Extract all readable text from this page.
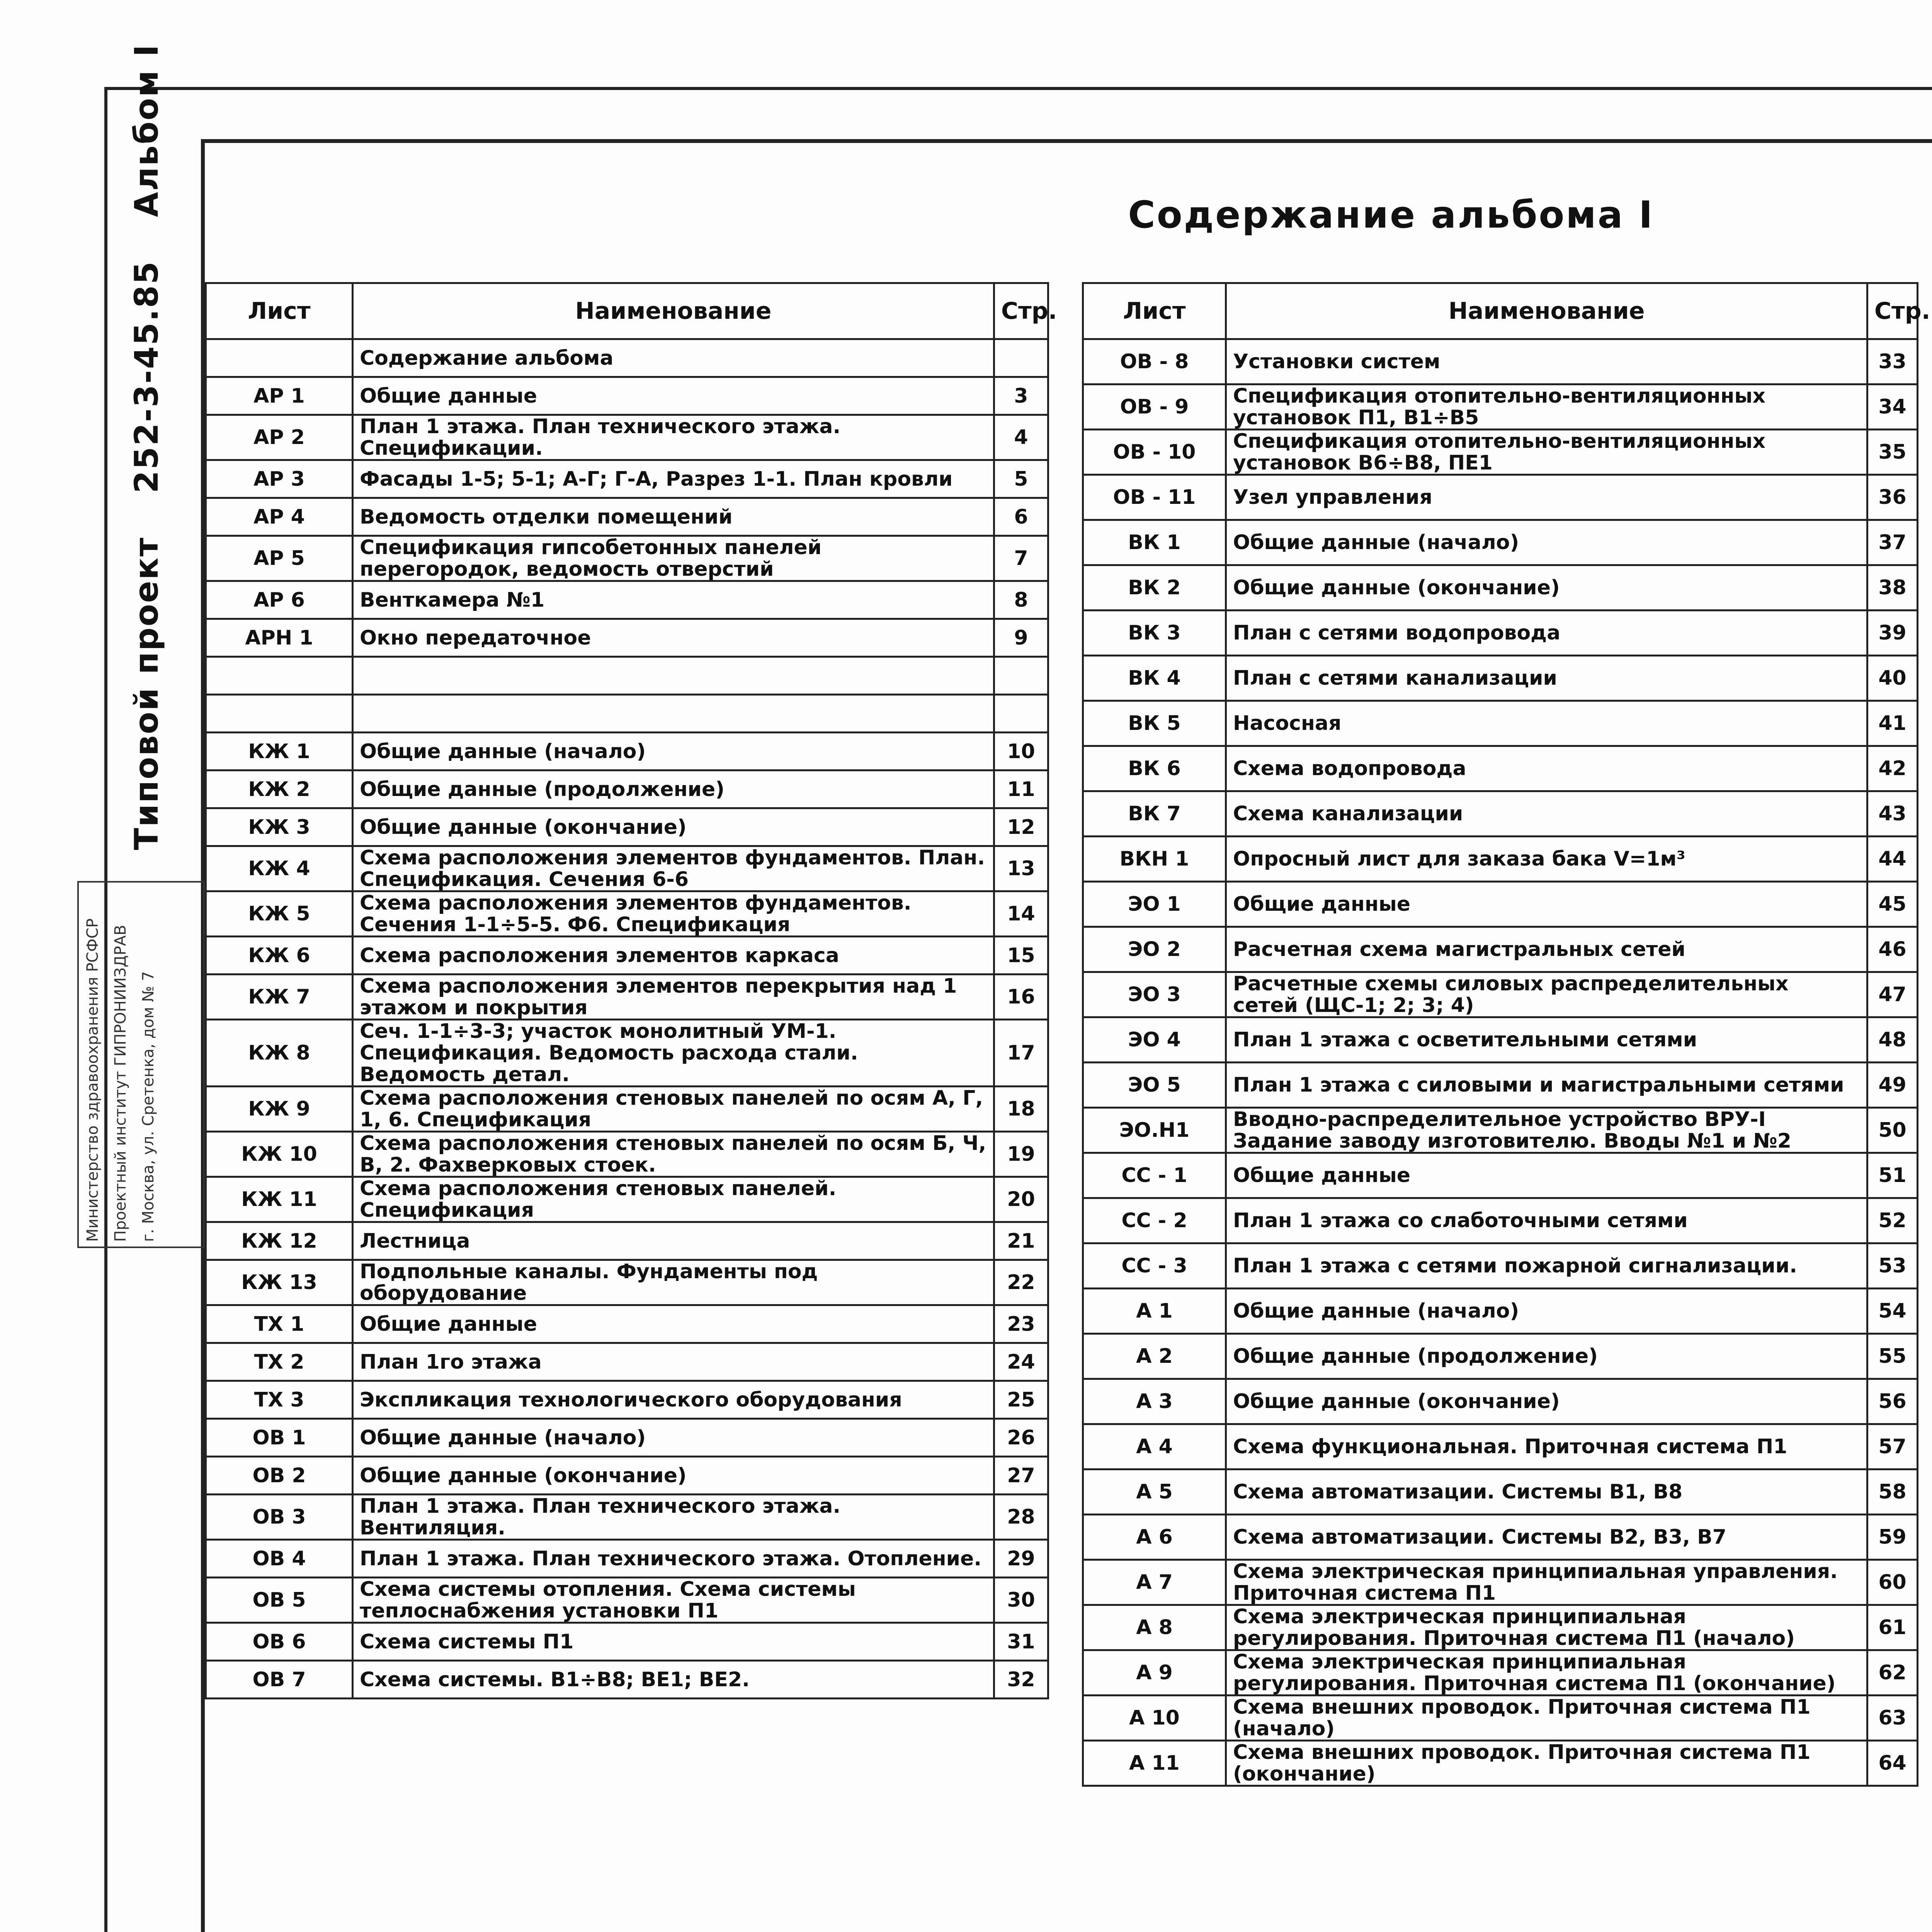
Типовой проект 252-3-45.85 Альбом I
Министерство здравоохранения РСФСР Проектный институт ГИПРОНИИЗДРАВ г. Москва, ул. Сретенка, дом № 7
Содержание альбома I
Лист	Наименование	Стр.
	Содержание альбома	
АР 1	Общие данные	3
АР 2	План 1 этажа. План технического этажа. Спецификации.	4
АР 3	Фасады 1-5; 5-1; А-Г; Г-А, Разрез 1-1. План кровли	5
АР 4	Ведомость отделки помещений	6
АР 5	Спецификация гипсобетонных панелей перегородок, ведомость отверстий	7
АР 6	Венткамера №1	8
АРН 1	Окно передаточное	9

КЖ 1	Общие данные (начало)	10
КЖ 2	Общие данные (продолжение)	11
КЖ 3	Общие данные (окончание)	12
КЖ 4	Схема расположения элементов фундаментов. План. Спецификация. Сечения 6-6	13
КЖ 5	Схема расположения элементов фундаментов. Сечения 1-1÷5-5. Ф6. Спецификация	14
КЖ 6	Схема расположения элементов каркаса	15
КЖ 7	Схема расположения элементов перекрытия над 1 этажом и покрытия	16
КЖ 8	Сеч. 1-1÷3-3; участок монолитный УМ-1. Спецификация. Ведомость расхода стали. Ведомость детал.	17
КЖ 9	Схема расположения стеновых панелей по осям А, Г, 1, 6. Спецификация	18
КЖ 10	Схема расположения стеновых панелей по осям Б, Ч, В, 2. Фахверковых стоек.	19
КЖ 11	Схема расположения стеновых панелей. Спецификация	20
КЖ 12	Лестница	21
КЖ 13	Подпольные каналы. Фундаменты под оборудование	22
ТХ 1	Общие данные	23
ТХ 2	План 1го этажа	24
ТХ 3	Экспликация технологического оборудования	25
ОВ 1	Общие данные (начало)	26
ОВ 2	Общие данные (окончание)	27
ОВ 3	План 1 этажа. План технического этажа. Вентиляция.	28
ОВ 4	План 1 этажа. План технического этажа. Отопление.	29
ОВ 5	Схема системы отопления. Схема системы теплоснабжения установки П1	30
ОВ 6	Схема системы П1	31
ОВ 7	Схема системы. В1÷В8; ВЕ1; ВЕ2.	32
Лист	Наименование	Стр.
ОВ - 8	Установки систем	33
ОВ - 9	Спецификация отопительно-вентиляционных установок П1, В1÷В5	34
ОВ - 10	Спецификация отопительно-вентиляционных установок В6÷В8, ПЕ1	35
ОВ - 11	Узел управления	36
ВК 1	Общие данные (начало)	37
ВК 2	Общие данные (окончание)	38
ВК 3	План с сетями водопровода	39
ВК 4	План с сетями канализации	40
ВК 5	Насосная	41
ВК 6	Схема водопровода	42
ВК 7	Схема канализации	43
ВКН 1	Опросный лист для заказа бака V=1м³	44
ЭО 1	Общие данные	45
ЭО 2	Расчетная схема магистральных сетей	46
ЭО 3	Расчетные схемы силовых распределительных сетей (ЩС-1; 2; 3; 4)	47
ЭО 4	План 1 этажа с осветительными сетями	48
ЭО 5	План 1 этажа с силовыми и магистральными сетями	49
ЭО.Н1	Вводно-распределительное устройство ВРУ-I Задание заводу изготовителю. Вводы №1 и №2	50
СС - 1	Общие данные	51
СС - 2	План 1 этажа со слаботочными сетями	52
СС - 3	План 1 этажа с сетями пожарной сигнализации.	53
А 1	Общие данные (начало)	54
А 2	Общие данные (продолжение)	55
А 3	Общие данные (окончание)	56
А 4	Схема функциональная. Приточная система П1	57
А 5	Схема автоматизации. Системы В1, В8	58
А 6	Схема автоматизации. Системы В2, В3, В7	59
А 7	Схема электрическая принципиальная управления. Приточная система П1	60
А 8	Схема электрическая принципиальная регулирования. Приточная система П1 (начало)	61
А 9	Схема электрическая принципиальная регулирования. Приточная система П1 (окончание)	62
А 10	Схема внешних проводок. Приточная система П1 (начало)	63
А 11	Схема внешних проводок. Приточная система П1 (окончание)	64
